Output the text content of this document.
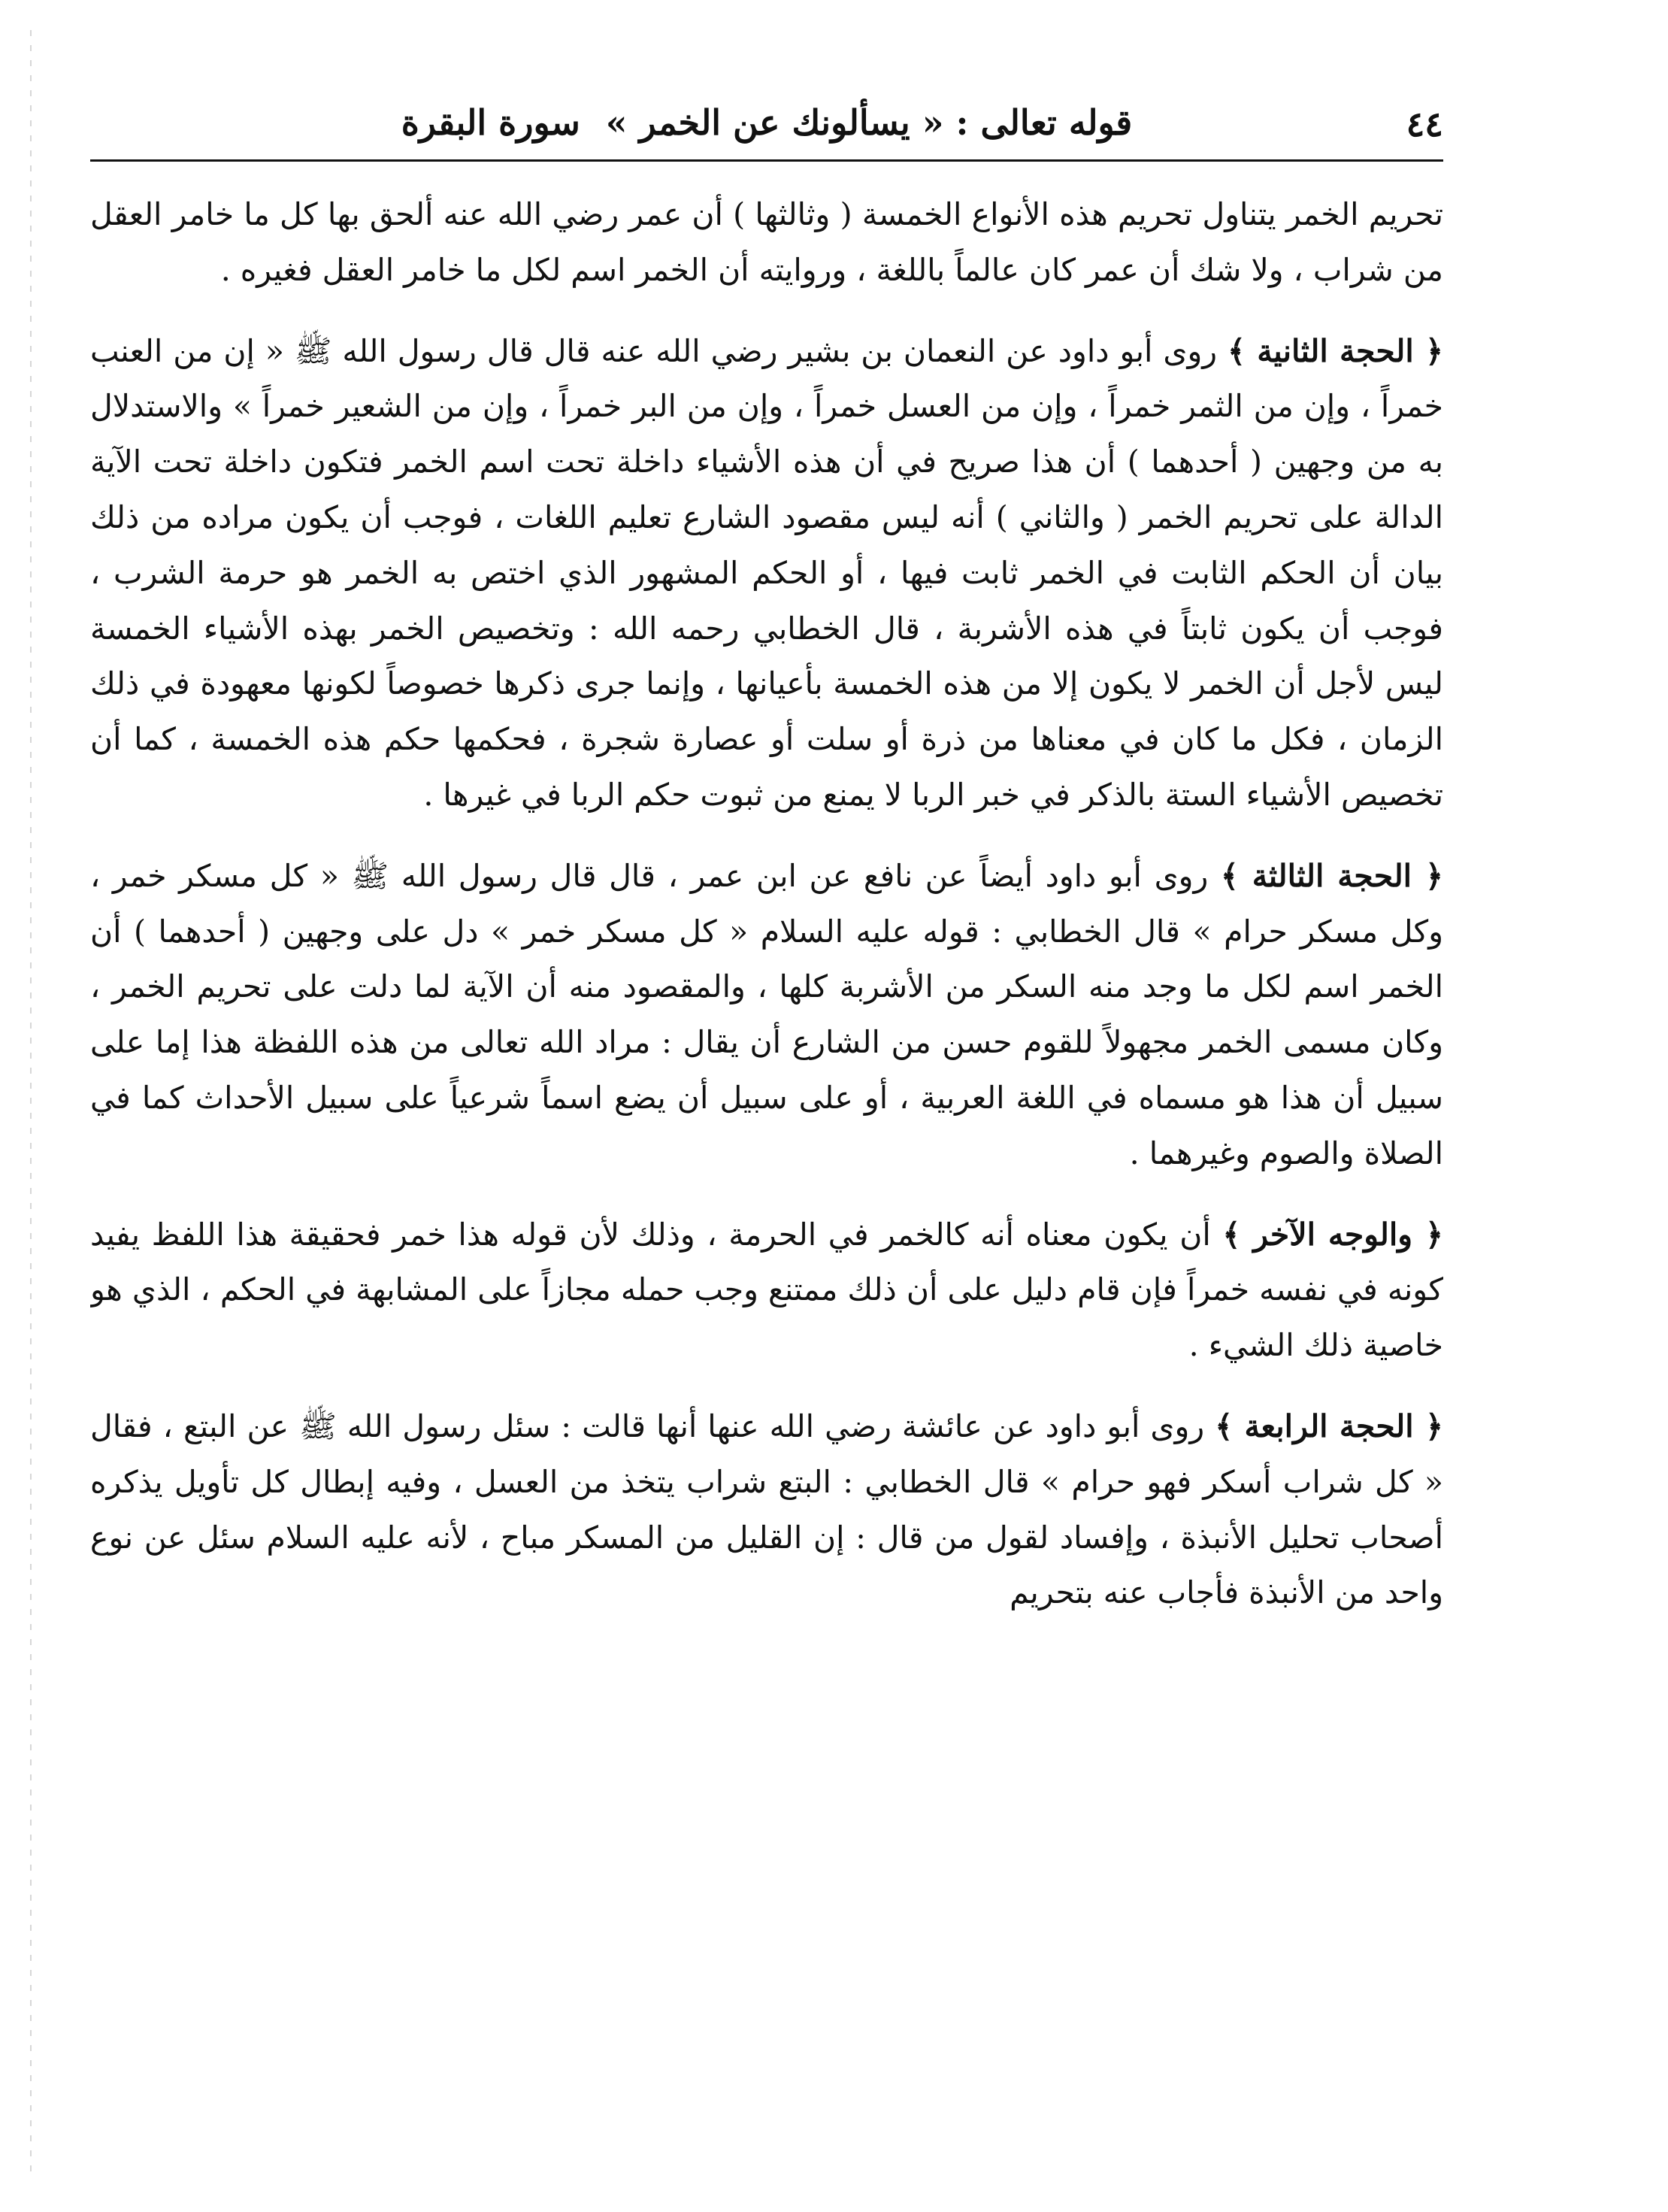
٤٤
قوله تعالى : « يسألونك عن الخمر » سورة البقرة

تحريم الخمر يتناول تحريم هذه الأنواع الخمسة ( وثالثها ) أن عمر رضي الله عنه ألحق بها كل ما خامر العقل من شراب ، ولا شك أن عمر كان عالماً باللغة ، وروايته أن الخمر اسم لكل ما خامر العقل فغيره .

﴿ الحجة الثانية ﴾ روى أبو داود عن النعمان بن بشير رضي الله عنه قال قال رسول الله ﷺ « إن من العنب خمراً ، وإن من الثمر خمراً ، وإن من العسل خمراً ، وإن من البر خمراً ، وإن من الشعير خمراً » والاستدلال به من وجهين ( أحدهما ) أن هذا صريح في أن هذه الأشياء داخلة تحت اسم الخمر فتكون داخلة تحت الآية الدالة على تحريم الخمر ( والثاني ) أنه ليس مقصود الشارع تعليم اللغات ، فوجب أن يكون مراده من ذلك بيان أن الحكم الثابت في الخمر ثابت فيها ، أو الحكم المشهور الذي اختص به الخمر هو حرمة الشرب ، فوجب أن يكون ثابتاً في هذه الأشربة ، قال الخطابي رحمه الله : وتخصيص الخمر بهذه الأشياء الخمسة ليس لأجل أن الخمر لا يكون إلا من هذه الخمسة بأعيانها ، وإنما جرى ذكرها خصوصاً لكونها معهودة في ذلك الزمان ، فكل ما كان في معناها من ذرة أو سلت أو عصارة شجرة ، فحكمها حكم هذه الخمسة ، كما أن تخصيص الأشياء الستة بالذكر في خبر الربا لا يمنع من ثبوت حكم الربا في غيرها .

﴿ الحجة الثالثة ﴾ روى أبو داود أيضاً عن نافع عن ابن عمر ، قال قال رسول الله ﷺ « كل مسكر خمر ، وكل مسكر حرام » قال الخطابي : قوله عليه السلام « كل مسكر خمر » دل على وجهين ( أحدهما ) أن الخمر اسم لكل ما وجد منه السكر من الأشربة كلها ، والمقصود منه أن الآية لما دلت على تحريم الخمر ، وكان مسمى الخمر مجهولاً للقوم حسن من الشارع أن يقال : مراد الله تعالى من هذه اللفظة هذا إما على سبيل أن هذا هو مسماه في اللغة العربية ، أو على سبيل أن يضع اسماً شرعياً على سبيل الأحداث كما في الصلاة والصوم وغيرهما .

﴿ والوجه الآخر ﴾ أن يكون معناه أنه كالخمر في الحرمة ، وذلك لأن قوله هذا خمر فحقيقة هذا اللفظ يفيد كونه في نفسه خمراً فإن قام دليل على أن ذلك ممتنع وجب حمله مجازاً على المشابهة في الحكم ، الذي هو خاصية ذلك الشيء .

﴿ الحجة الرابعة ﴾ روى أبو داود عن عائشة رضي الله عنها أنها قالت : سئل رسول الله ﷺ عن البتع ، فقال « كل شراب أسكر فهو حرام » قال الخطابي : البتع شراب يتخذ من العسل ، وفيه إبطال كل تأويل يذكره أصحاب تحليل الأنبذة ، وإفساد لقول من قال : إن القليل من المسكر مباح ، لأنه عليه السلام سئل عن نوع واحد من الأنبذة فأجاب عنه بتحريم
